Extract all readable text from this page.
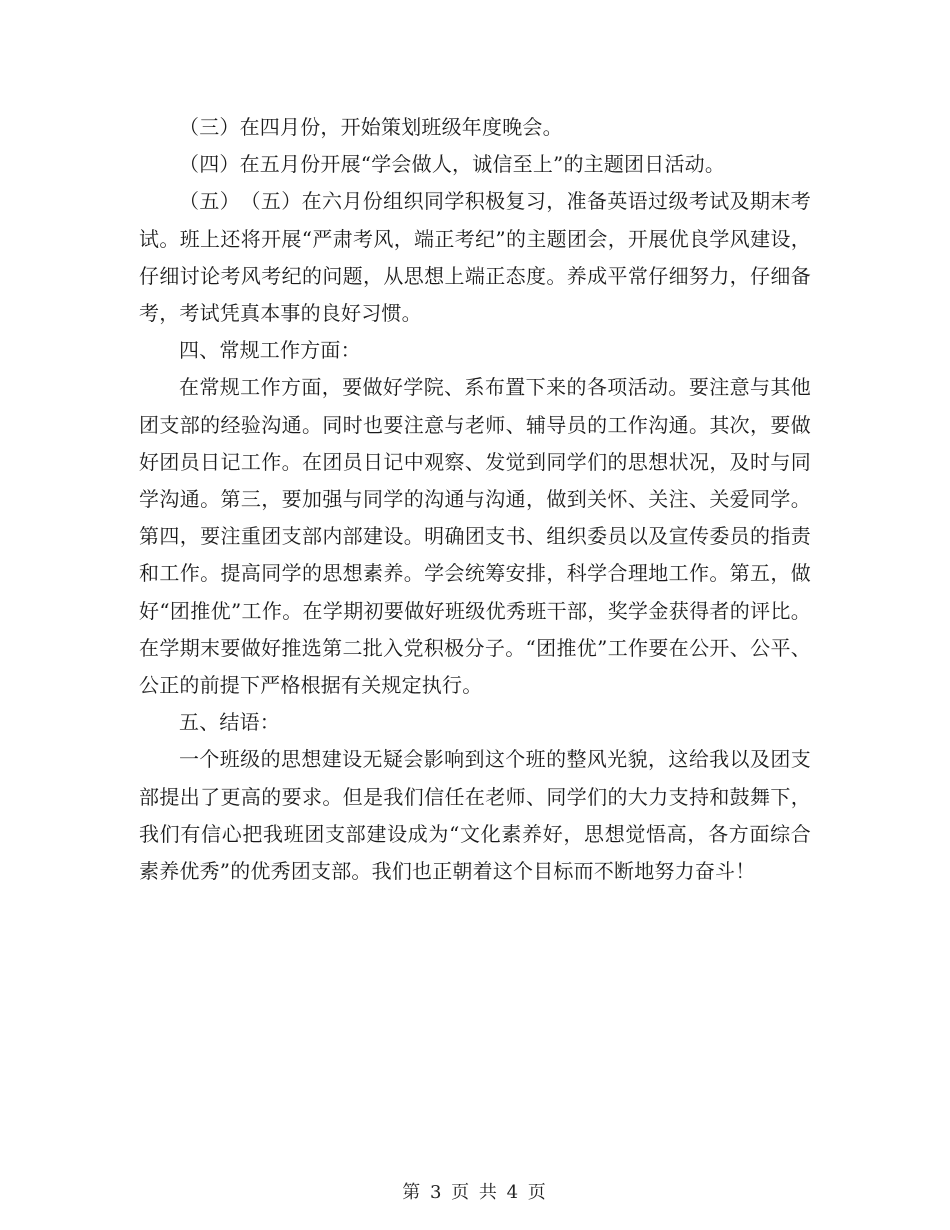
（三）在四月份，开始策划班级年度晚会。

（四）在五月份开展“学会做人，诚信至上”的主题团日活动。

（五）　（五）在六月份组织同学积极复习，准备英语过级考试及期末考试。班上还将开展“严肃考风，端正考纪”的主题团会，开展优良学风建设，仔细讨论考风考纪的问题，从思想上端正态度。养成平常仔细努力，仔细备考，考试凭真本事的良好习惯。

四、常规工作方面：

在常规工作方面，要做好学院、系布置下来的各项活动。要注意与其他团支部的经验沟通。同时也要注意与老师、辅导员的工作沟通。其次，要做好团员日记工作。在团员日记中观察、发觉到同学们的思想状况，及时与同学沟通。第三，要加强与同学的沟通与沟通，做到关怀、关注、关爱同学。第四，要注重团支部内部建设。明确团支书、组织委员以及宣传委员的指责和工作。提高同学的思想素养。学会统筹安排，科学合理地工作。第五，做好“团推优”工作。在学期初要做好班级优秀班干部，奖学金获得者的评比。在学期末要做好推选第二批入党积极分子。“团推优”工作要在公开、公平、公正的前提下严格根据有关规定执行。

五、结语：

一个班级的思想建设无疑会影响到这个班的整风光貌，这给我以及团支部提出了更高的要求。但是我们信任在老师、同学们的大力支持和鼓舞下，我们有信心把我班团支部建设成为“文化素养好，思想觉悟高，各方面综合素养优秀”的优秀团支部。我们也正朝着这个目标而不断地努力奋斗！

第 3 页 共 4 页
